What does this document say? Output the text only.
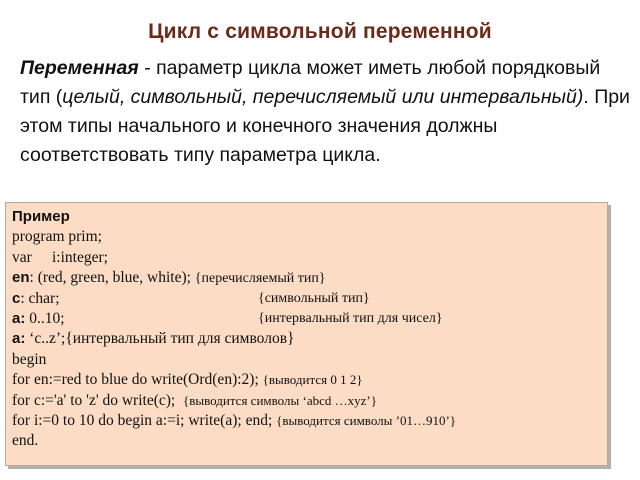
Цикл с символьной переменной
Переменная - параметр цикла может иметь любой порядковый тип (целый, символьный, перечисляемый или интервальный). При этом типы начального и конечного значения должны соответствовать типу параметра цикла.
Пример
program prim;
var i:integer;
en: (red, green, blue, white); {перечисляемый тип}
c: char;	{символьный тип}
a: 0..10;	{интервальный тип для чисел}
a: ‘c..z’;{интервальный тип для символов}
begin
for en:=red to blue do write(Ord(en):2); {выводится 0 1 2}
for c:='a' to 'z' do write(c);  {выводится символы ‘abcd …xyz’}
for i:=0 to 10 do begin a:=i; write(a); end; {выводится символы ’01…910’}
end.
